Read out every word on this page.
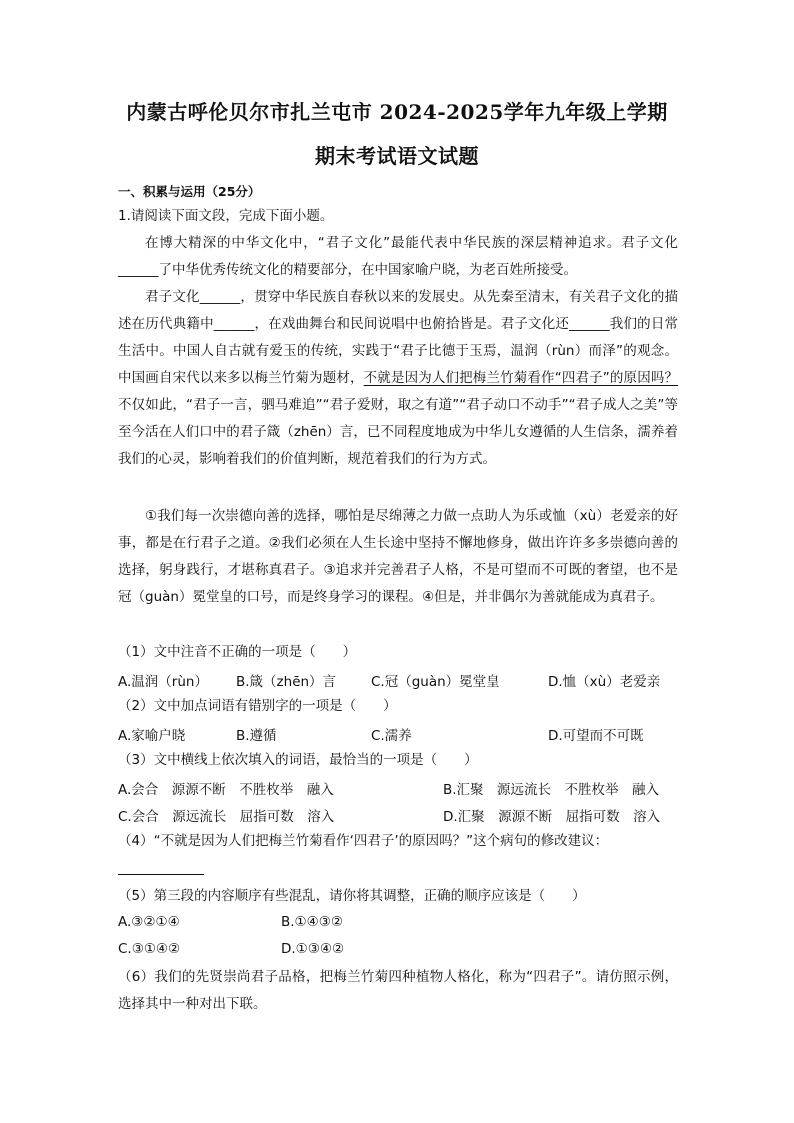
内蒙古呼伦贝尔市扎兰屯市 2024-2025学年九年级上学期
期末考试语文试题
一、积累与运用（25分）
1.请阅读下面文段，完成下面小题。
在博大精深的中华文化中，“君子文化”最能代表中华民族的深层精神追求。君子文化______了中华优秀传统文化的精要部分，在中国家喻户晓，为老百姓所接受。
君子文化______，贯穿中华民族自春秋以来的发展史。从先秦至清末，有关君子文化的描述在历代典籍中______，在戏曲舞台和民间说唱中也俯拾皆是。君子文化还______我们的日常生活中。中国人自古就有爱玉的传统，实践于“君子比德于玉焉，温润（rùn）而泽”的观念。中国画自宋代以来多以梅兰竹菊为题材，不就是因为人们把梅兰竹菊看作“四君子”的原因吗？不仅如此，“君子一言，驷马难追”“君子爱财，取之有道”“君子动口不动手”“君子成人之美”等至今活在人们口中的君子箴（zhēn）言，已不同程度地成为中华儿女遵循的人生信条，濡养着我们的心灵，影响着我们的价值判断，规范着我们的行为方式。
①我们每一次崇德向善的选择，哪怕是尽绵薄之力做一点助人为乐或恤（xù）老爱亲的好事，都是在行君子之道。②我们必须在人生长途中坚持不懈地修身，做出许许多多崇德向善的选择，躬身践行，才堪称真君子。③追求并完善君子人格，不是可望而不可既的奢望，也不是冠（guàn）冕堂皇的口号，而是终身学习的课程。④但是，并非偶尔为善就能成为真君子。
（1）文中注音不正确的一项是（　　）
A.温润（rùn） B.箴（zhēn）言	C.冠（guàn）冕堂皇	D.恤（xù）老爱亲
（2）文中加点词语有错别字的一项是（　　）
A.家喻户晓	B.遵循	C.濡养	D.可望而不可既
（3）文中横线上依次填入的词语，最恰当的一项是（　　）
A.会合　源源不断　不胜枚举　融入	B.汇聚　源远流长　不胜枚举　融入
C.会合　源远流长　屈指可数　溶入	D.汇聚　源源不断　屈指可数　溶入
（4）“不就是因为人们把梅兰竹菊看作‘四君子’的原因吗？”这个病句的修改建议：
（5）第三段的内容顺序有些混乱，请你将其调整，正确的顺序应该是（　　）
A.③②①④	B.①④③②
C.③①④②	D.①③④②
（6）我们的先贤崇尚君子品格，把梅兰竹菊四种植物人格化，称为“四君子”。请仿照示例，选择其中一种对出下联。
